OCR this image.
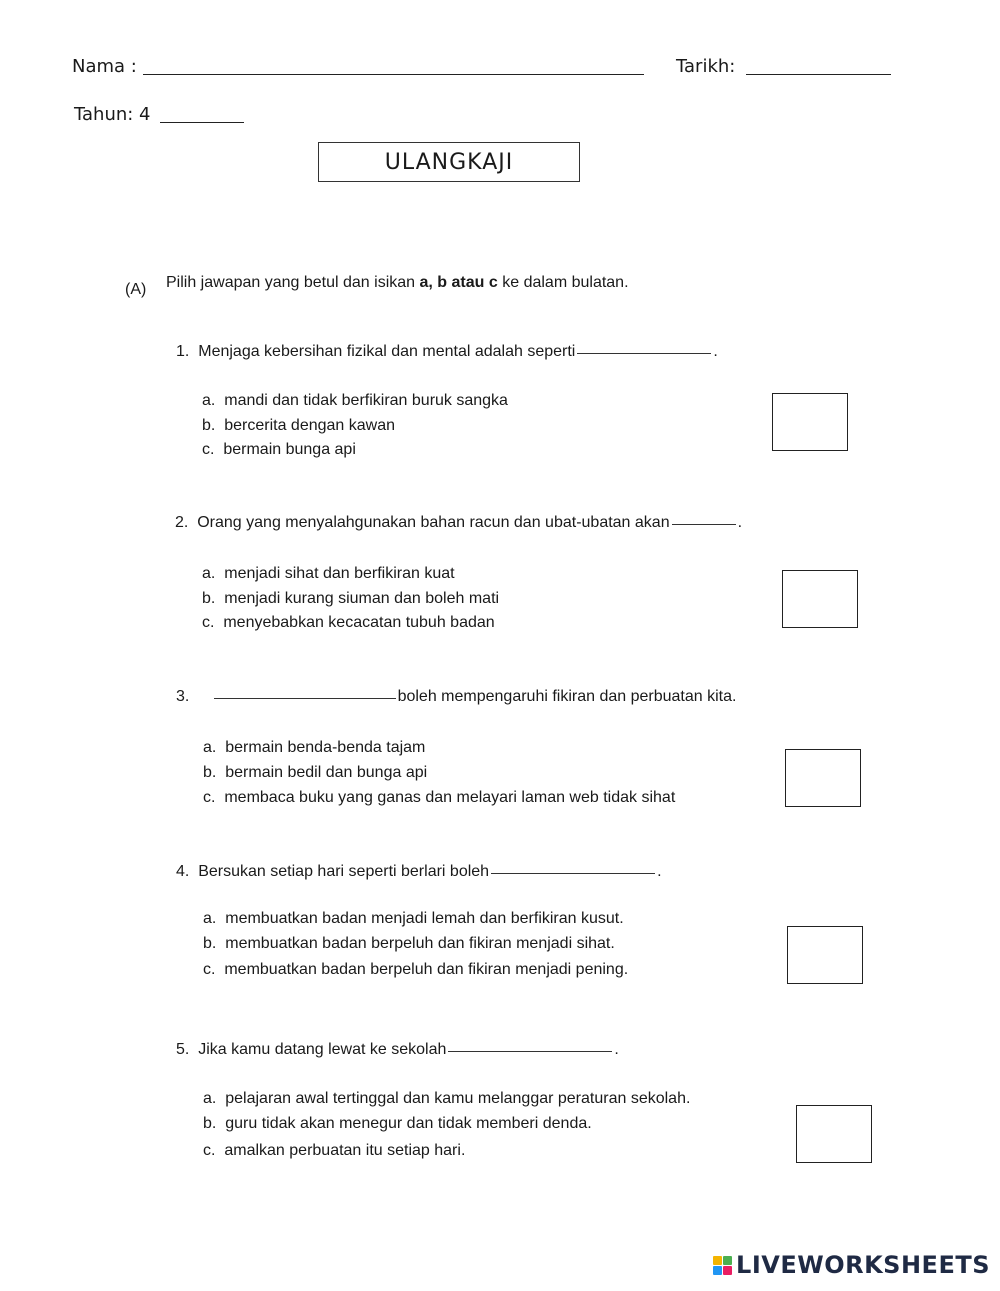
Nama :	Tarikh:
Tahun: 4
ULANGKAJI
(A) Pilih jawapan yang betul dan isikan a, b atau c ke dalam bulatan.
1. Menjaga kebersihan fizikal dan mental adalah seperti	.
a. mandi dan tidak berfikiran buruk sangka
b. bercerita dengan kawan
c. bermain bunga api
2. Orang yang menyalahgunakan bahan racun dan ubat-ubatan akan	.
a. menjadi sihat dan berfikiran kuat
b. menjadi kurang siuman dan boleh mati
c. menyebabkan kecacatan tubuh badan
3.	boleh mempengaruhi fikiran dan perbuatan kita.
a. bermain benda-benda tajam
b. bermain bedil dan bunga api
c. membaca buku yang ganas dan melayari laman web tidak sihat
4. Bersukan setiap hari seperti berlari boleh	.
a. membuatkan badan menjadi lemah dan berfikiran kusut.
b. membuatkan badan berpeluh dan fikiran menjadi sihat.
c. membuatkan badan berpeluh dan fikiran menjadi pening.
5. Jika kamu datang lewat ke sekolah	.
a. pelajaran awal tertinggal dan kamu melanggar peraturan sekolah.
b. guru tidak akan menegur dan tidak memberi denda.
c. amalkan perbuatan itu setiap hari.
LIVEWORKSHEETS
